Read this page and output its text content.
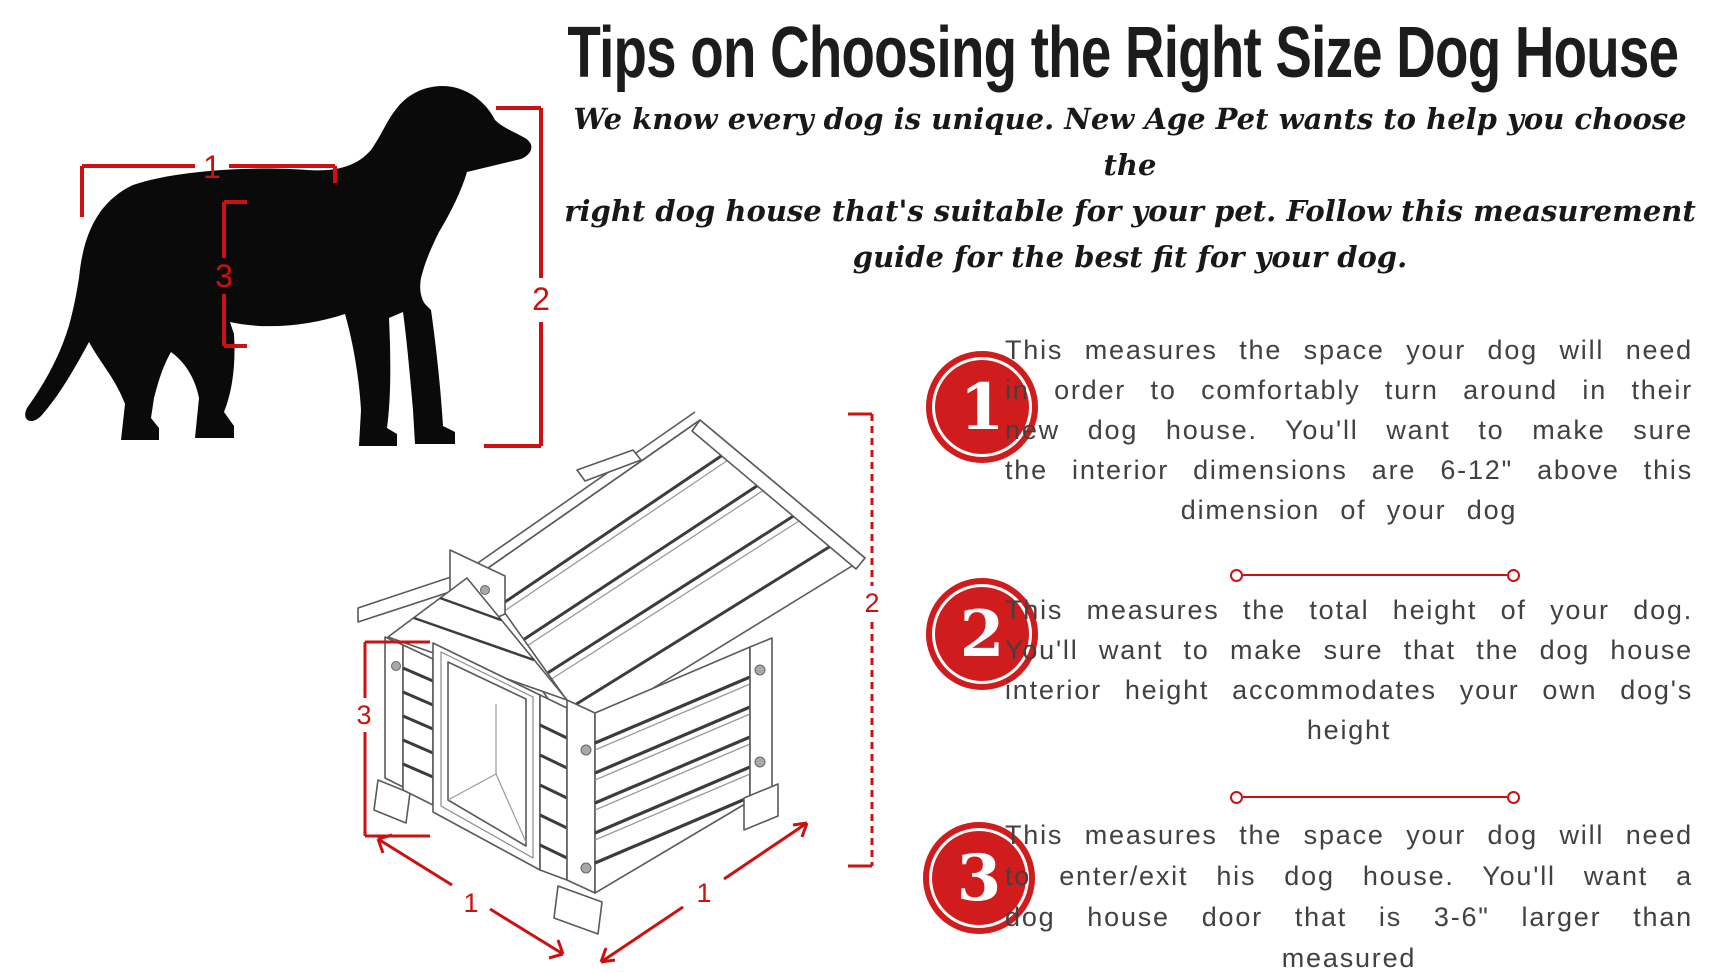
Tips on Choosing the Right Size Dog House
We know every dog is unique. New Age Pet wants to help you choose the
right dog house that's suitable for your pet. Follow this measurement
guide for the best fit for your dog.
1
2
3
3
1	1
2
1
This measures the space your dog will need in order to comfortably turn around in their new dog house. You'll want to make sure the interior dimensions are 6-12" above this dimension of your dog
2 This measures the total height of your dog. You'll want to make sure that the dog house interior height accommodates your own dog's height
3
This measures the space your dog will need to enter/exit his dog house. You'll want a dog house door that is 3-6" larger than measured
